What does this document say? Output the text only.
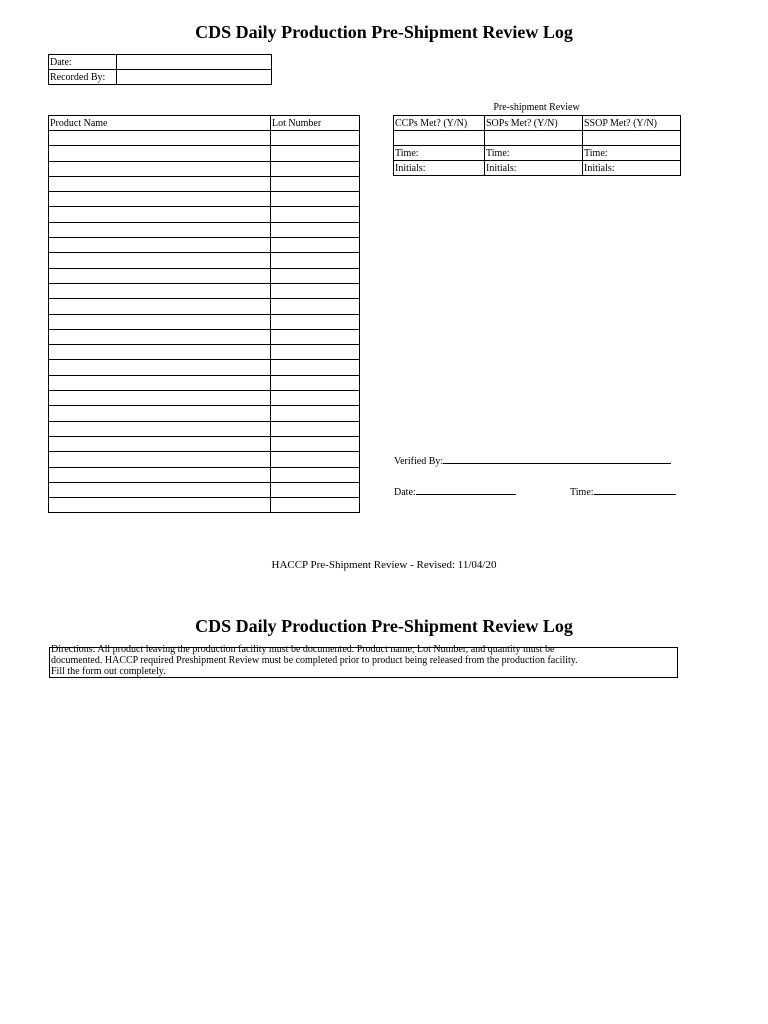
CDS Daily Production Pre-Shipment Review Log
Date:	
Recorded By:	
Product Name	Lot Number

Pre-shipment Review
CCPs Met? (Y/N)	SOPs Met? (Y/N)	SSOP Met? (Y/N)

Time:	Time:	Time:
Initials:	Initials:	Initials:
Verified By:
Date:	Time:
HACCP Pre-Shipment Review - Revised: 11/04/20
CDS Daily Production Pre-Shipment Review Log

Directions: All product leaving the production facility must be documented. Product name, Lot Number, and quantity must be

documented. HACCP required Preshipment Review must be completed prior to product being released from the production facility.

Fill the form out completely.
